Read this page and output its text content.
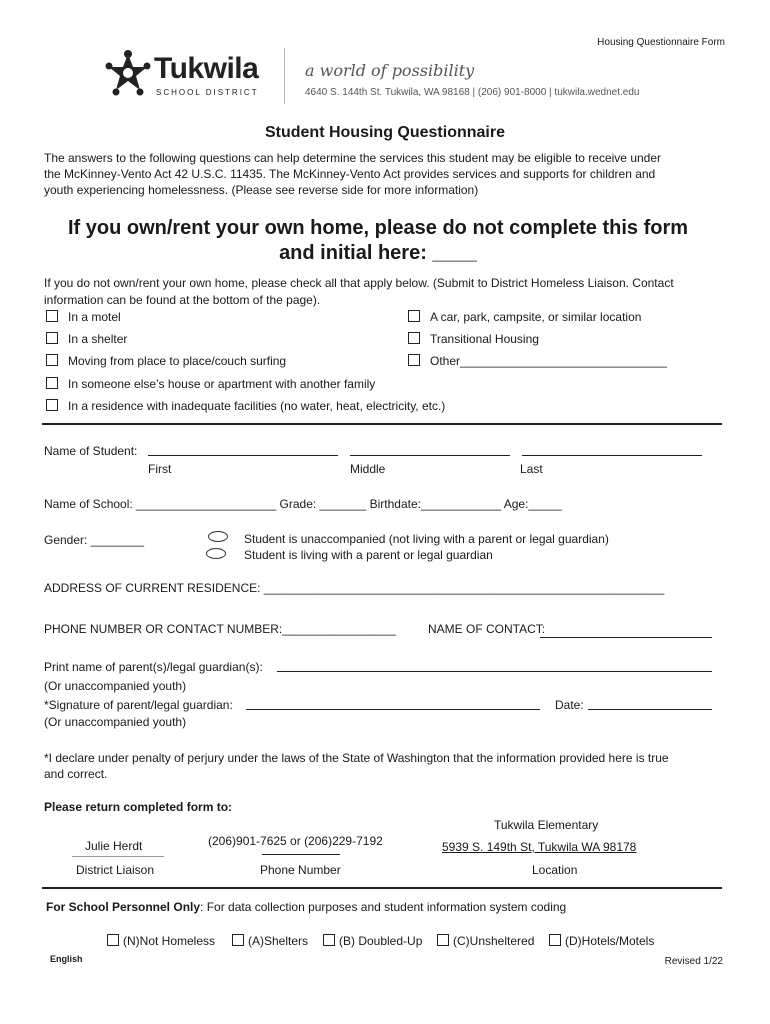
Housing Questionnaire Form
Tukwila
SCHOOL DISTRICT
a world of possibility
4640 S. 144th St. Tukwila, WA 98168 | (206) 901-8000 | tukwila.wednet.edu
Student Housing Questionnaire
The answers to the following questions can help determine the services this student may be eligible to receive under
the McKinney-Vento Act 42 U.S.C. 11435. The McKinney-Vento Act provides services and supports for children and
youth experiencing homelessness. (Please see reverse side for more information)
If you own/rent your own home, please do not complete this form
and initial here: ____
If you do not own/rent your own home, please check all that apply below. (Submit to District Homeless Liaison. Contact
information can be found at the bottom of the page).
In a motel
In a shelter
Moving from place to place/couch surfing
In someone else’s house or apartment with another family
In a residence with inadequate facilities (no water, heat, electricity, etc.)
A car, park, campsite, or similar location
Transitional Housing
Other_______________________________
Name of Student:
First	Middle	Last
Name of School: _____________________ Grade: _______ Birthdate:____________ Age:_____
Gender: ________	Student is unaccompanied (not living with a parent or legal guardian)
Student is living with a parent or legal guardian
ADDRESS OF CURRENT RESIDENCE: ____________________________________________________________
PHONE NUMBER OR CONTACT NUMBER:_________________	NAME OF CONTACT:
Print name of parent(s)/legal guardian(s):
(Or unaccompanied youth)
*Signature of parent/legal guardian:	Date:
(Or unaccompanied youth)
*I declare under penalty of perjury under the laws of the State of Washington that the information provided here is true
and correct.
Please return completed form to:
Julie Herdt
District Liaison
(206)901-7625 or (206)229-7192
Phone Number
Tukwila Elementary
5939 S. 149th St, Tukwila WA 98178
Location
For School Personnel Only: For data collection purposes and student information system coding
(N)Not Homeless	(A)Shelters	(B) Doubled-Up	(C)Unsheltered	(D)Hotels/Motels
English	Revised 1/22
